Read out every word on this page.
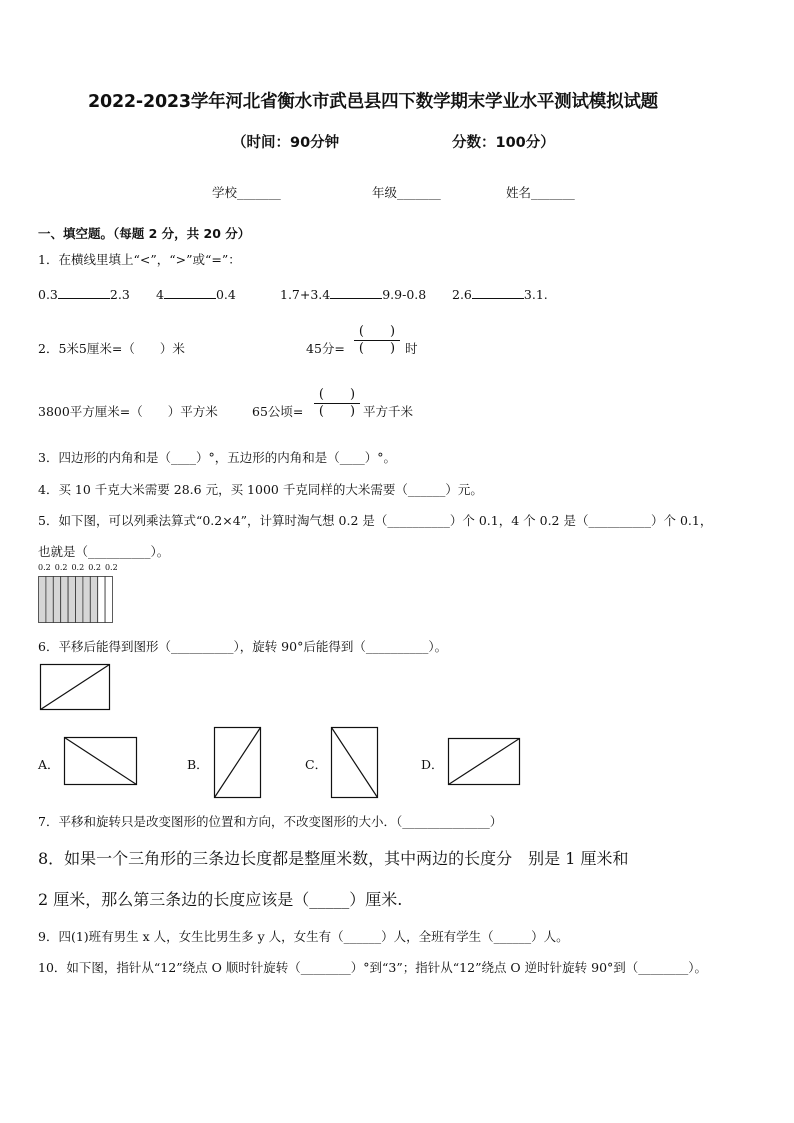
2022-2023学年河北省衡水市武邑县四下数学期末学业水平测试模拟试题
（时间：90分钟	分数：100分）
学校_______	年级_______	姓名_______
一、填空题。（每题 2 分，共 20 分）
1．在横线里填上“<”，“>”或“=”：
0.3	2.3 4	0.4	1.7+3.4	9.9-0.8 2.6	3.1.
2．5米5厘米=（　　）米	45分=
(　　)
(　　) 时
3800平方厘米=（　　）平方米	65公顷=
(　　)
(　　) 平方千米
3．四边形的内角和是（____）°，五边形的内角和是（____）°。
4．买 10 千克大米需要 28.6 元，买 1000 千克同样的大米需要（______）元。
5．如下图，可以列乘法算式“0.2×4”，计算时淘气想 0.2 是（__________）个 0.1，4 个 0.2 是（__________）个 0.1，
也就是（__________）。
0.2 0.2 0.2 0.2 0.2
6．平移后能得到图形（__________），旋转 90°后能得到（__________）。
A．	B．	C．	D．
7．平移和旋转只是改变图形的位置和方向，不改变图形的大小．（______________）
8．如果一个三角形的三条边长度都是整厘米数，其中两边的长度分　别是 1 厘米和
2 厘米，那么第三条边的长度应该是（_____）厘米.
9．四(1)班有男生 x 人，女生比男生多 y 人，女生有（______）人，全班有学生（______）人。
10．如下图，指针从“12”绕点 O 顺时针旋转（________）°到“3”；指针从“12”绕点 O 逆时针旋转 90°到（________）。
